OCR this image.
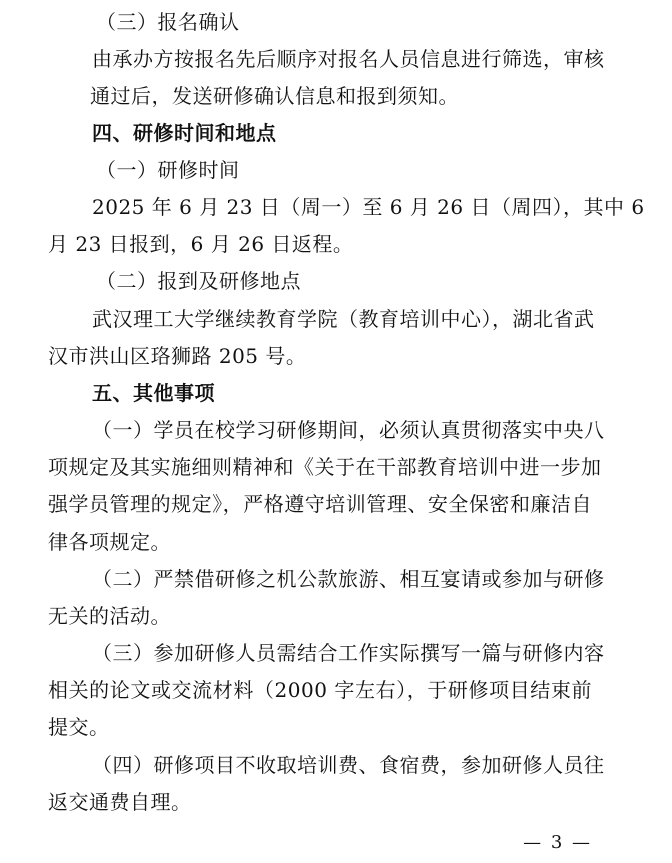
（三）报名确认
由承办方按报名先后顺序对报名人员信息进行筛选，审核
通过后，发送研修确认信息和报到须知。
四、研修时间和地点
（一）研修时间
2025 年 6 月 23 日（周一）至 6 月 26 日（周四），其中 6
月 23 日报到，6 月 26 日返程。
（二）报到及研修地点
武汉理工大学继续教育学院（教育培训中心），湖北省武
汉市洪山区珞狮路 205 号。
五、其他事项
（一）学员在校学习研修期间，必须认真贯彻落实中央八
项规定及其实施细则精神和《关于在干部教育培训中进一步加
强学员管理的规定》，严格遵守培训管理、安全保密和廉洁自
律各项规定。
（二）严禁借研修之机公款旅游、相互宴请或参加与研修
无关的活动。
（三）参加研修人员需结合工作实际撰写一篇与研修内容
相关的论文或交流材料（2000 字左右），于研修项目结束前
提交。
（四）研修项目不收取培训费、食宿费，参加研修人员往
返交通费自理。
— 3 —
